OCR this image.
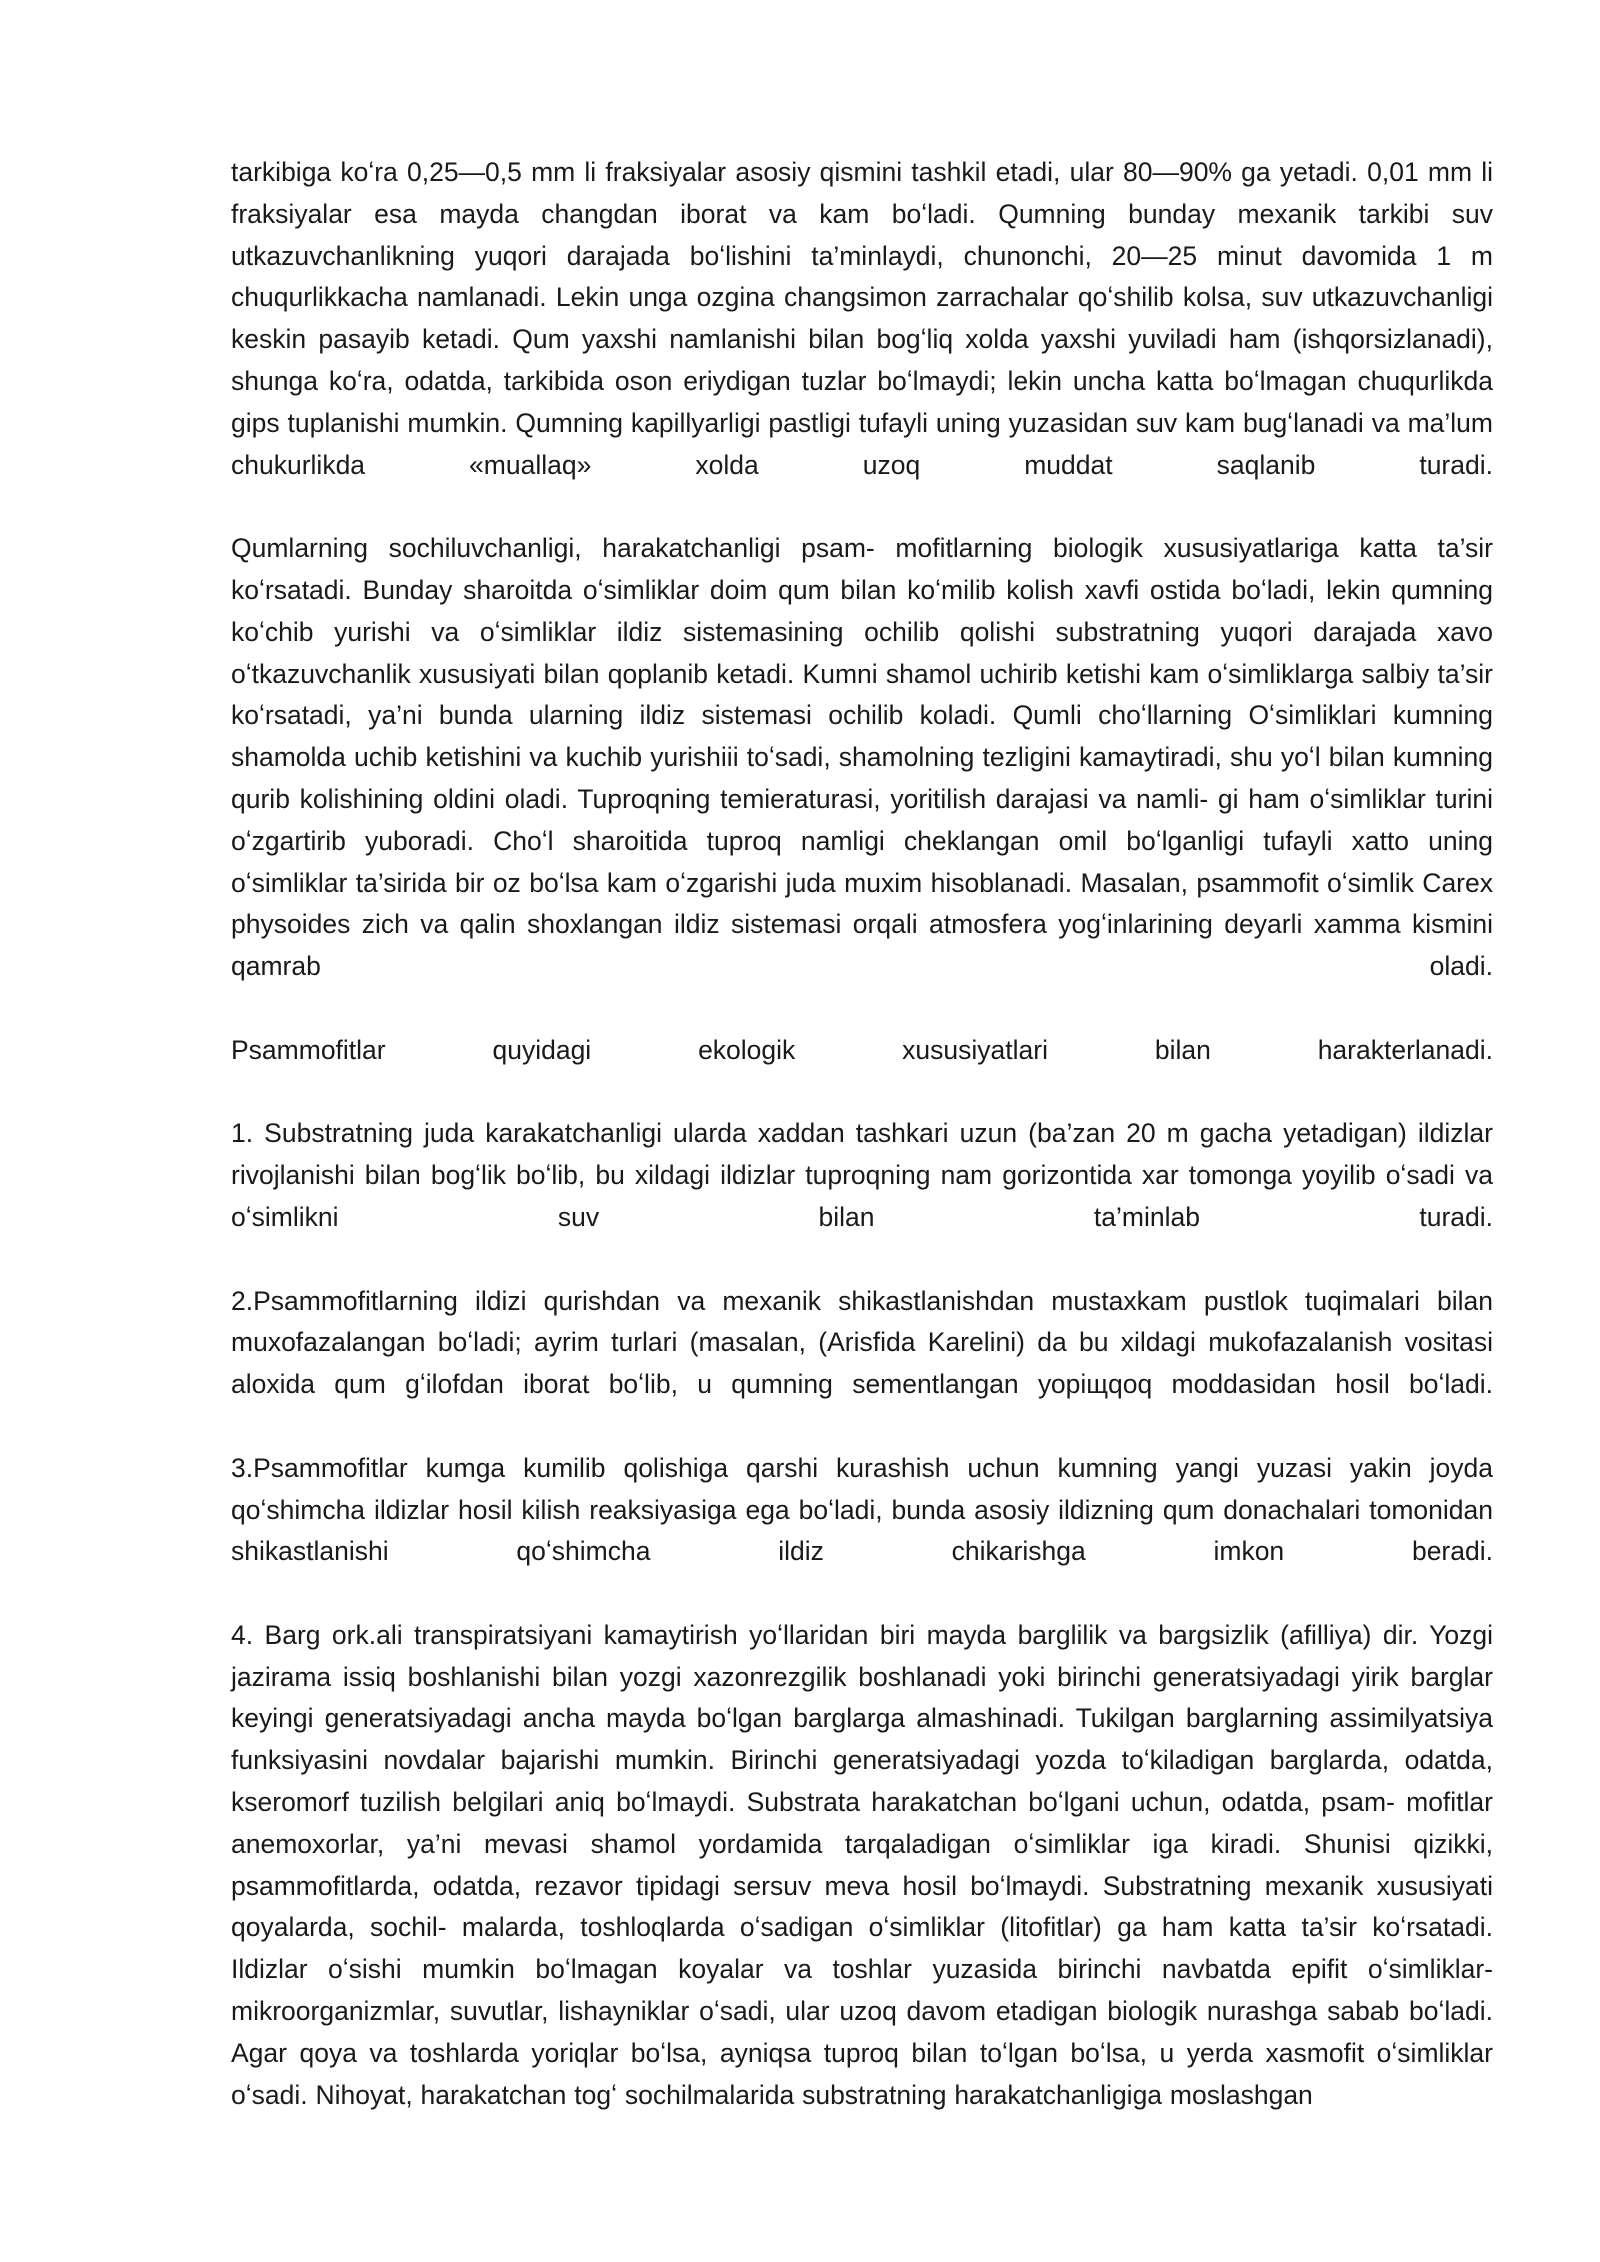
tarkibiga koʻra 0,25—0,5 mm li fraksiyalar asosiy qismini tashkil etadi, ular 80—90% ga yetadi. 0,01 mm li fraksiyalar esa mayda changdan iborat va kam boʻladi. Qumning bunday mexanik tarkibi suv utkazuvchanlikning yuqori darajada boʻlishini ta’minlaydi, chunonchi, 20—25 minut davomida 1 m chuqurlikkacha namlanadi. Lekin unga ozgina changsimon zarrachalar qoʻshilib kolsa, suv utkazuvchanligi keskin pasayib ketadi. Qum yaxshi namlanishi bilan bogʻliq xolda yaxshi yuviladi ham (ishqorsizlanadi), shunga koʻra, odatda, tarkibida oson eriydigan tuzlar boʻlmaydi; lekin uncha katta boʻlmagan chuqurlikda gips tuplanishi mumkin. Qumning kapillyarligi pastligi tufayli uning yuzasidan suv kam bugʻlanadi va ma’lum chukurlikda «muallaq» xolda uzoq muddat saqlanib turadi.

Qumlarning sochiluvchanligi, harakatchanligi psam- mofitlarning biologik xususiyatlariga katta ta’sir koʻrsatadi. Bunday sharoitda oʻsimliklar doim qum bilan koʻmilib kolish xavfi ostida boʻladi, lekin qumning koʻchib yurishi va oʻsimliklar ildiz sistemasining ochilib qolishi substratning yuqori darajada xavo oʻtkazuvchanlik xususiyati bilan qoplanib ketadi. Kumni shamol uchirib ketishi kam oʻsimliklarga salbiy ta’sir koʻrsatadi, ya’ni bunda ularning ildiz sistemasi ochilib koladi. Qumli choʻllarning Oʻsimliklari kumning shamolda uchib ketishini va kuchib yurishiii toʻsadi, shamolning tezligini kamaytiradi, shu yoʻl bilan kumning qurib kolishining oldini oladi. Tuproqning temieraturasi, yoritilish darajasi va namli- gi ham oʻsimliklar turini oʻzgartirib yuboradi. Choʻl sharoitida tuproq namligi cheklangan omil boʻlganligi tufayli xatto uning oʻsimliklar ta’sirida bir oz boʻlsa kam oʻzgarishi juda muxim hisoblanadi. Masalan, psammofit oʻsimlik Carex physoides zich va qalin shoxlangan ildiz sistemasi orqali atmosfera yogʻinlarining deyarli xamma kismini qamrab oladi.

Psammofitlar quyidagi ekologik xususiyatlari bilan harakterlanadi.

1. Substratning juda karakatchanligi ularda xaddan tashkari uzun (ba’zan 20 m gacha yetadigan) ildizlar rivojlanishi bilan bogʻlik boʻlib, bu xildagi ildizlar tuproqning nam gorizontida xar tomonga yoyilib oʻsadi va oʻsimlikni suv bilan ta’minlab turadi.

2.Psammofitlarning ildizi qurishdan va mexanik shikastlanishdan mustaxkam pustlok tuqimalari bilan muxofazalangan boʻladi; ayrim turlari (masalan, (Arisfida Karelini) da bu xildagi mukofazalanish vositasi aloxida qum gʻilofdan iborat boʻlib, u qumning sementlangan уорiщqoq moddasidan hosil boʻladi.

3.Psammofitlar kumga kumilib qolishiga qarshi kurashish uchun kumning yangi yuzasi yakin joyda qoʻshimcha ildizlar hosil kilish reaksiyasiga ega boʻladi, bunda asosiy ildizning qum donachalari tomonidan shikastlanishi qoʻshimcha ildiz chikarishga imkon beradi.

4. Barg ork.ali transpiratsiyani kamaytirish yoʻllaridan biri mayda barglilik va bargsizlik (afilliya) dir. Yozgi jazirama issiq boshlanishi bilan yozgi xazonrezgilik boshlanadi yoki birinchi generatsiyadagi yirik barglar keyingi generatsiyadagi ancha mayda boʻlgan barglarga almashinadi. Tukilgan barglarning assimilyatsiya funksiyasini novdalar bajarishi mumkin. Birinchi generatsiyadagi yozda toʻkiladigan barglarda, odatda, kseromorf tuzilish belgilari aniq boʻlmaydi. Substrata harakatchan boʻlgani uchun, odatda, psam- mofitlar anemoxorlar, ya’ni mevasi shamol yordamida tarqaladigan oʻsimliklar iga kiradi. Shunisi qizikki, psammofitlarda, odatda, rezavor tipidagi sersuv meva hosil boʻlmaydi. Substratning mexanik xususiyati qoyalarda, sochil- malarda, toshloqlarda oʻsadigan oʻsimliklar (litofitlar) ga ham katta ta’sir koʻrsatadi. Ildizlar oʻsishi mumkin boʻlmagan koyalar va toshlar yuzasida birinchi navbatda epifit oʻsimliklar- mikroorganizmlar, suvutlar, lishayniklar oʻsadi, ular uzoq davom etadigan biologik nurashga sabab boʻladi. Agar qoya va toshlarda yoriqlar boʻlsa, ayniqsa tuproq bilan toʻlgan boʻlsa, u yerda xasmofit oʻsimliklar oʻsadi. Nihoyat, harakatchan togʻ sochilmalarida substratning harakatchanligiga moslashgan
